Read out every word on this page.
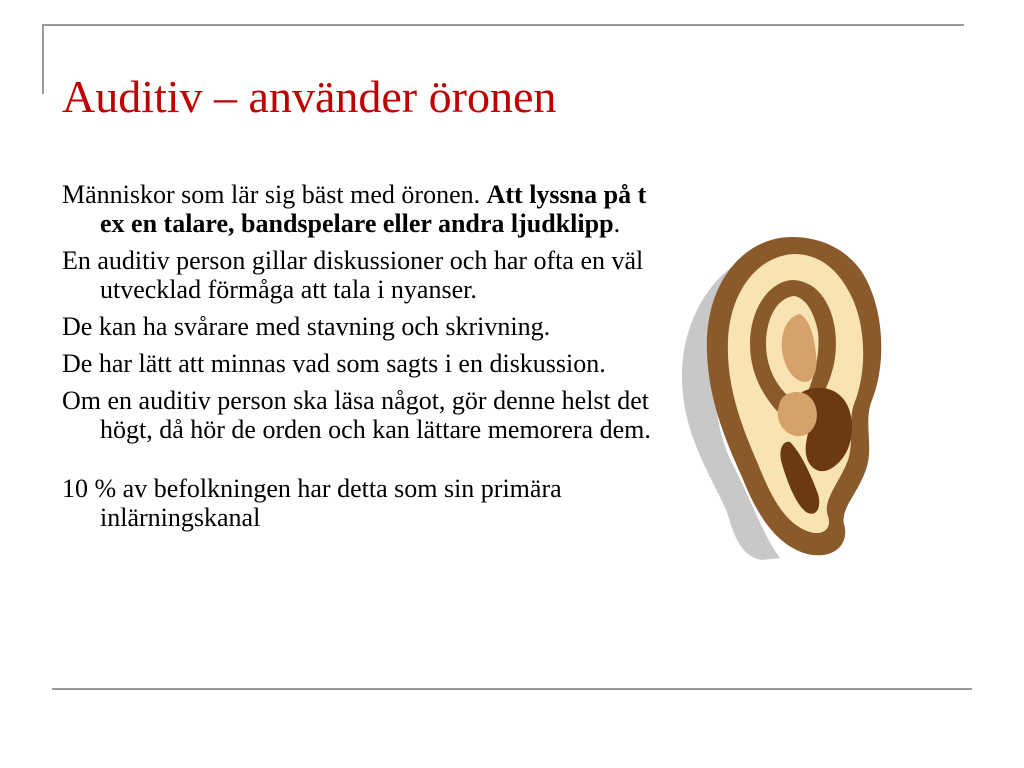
Auditiv – använder öronen

Människor som lär sig bäst med öronen. Att lyssna på t ex en talare, bandspelare eller andra ljudklipp.

En auditiv person gillar diskussioner och har ofta en väl utvecklad förmåga att tala i nyanser.

De kan ha svårare med stavning och skrivning.

De har lätt att minnas vad som sagts i en diskussion.

Om en auditiv person ska läsa något, gör denne helst det högt, då hör de orden och kan lättare memorera dem.

10 % av befolkningen har detta som sin primära inlärningskanal
